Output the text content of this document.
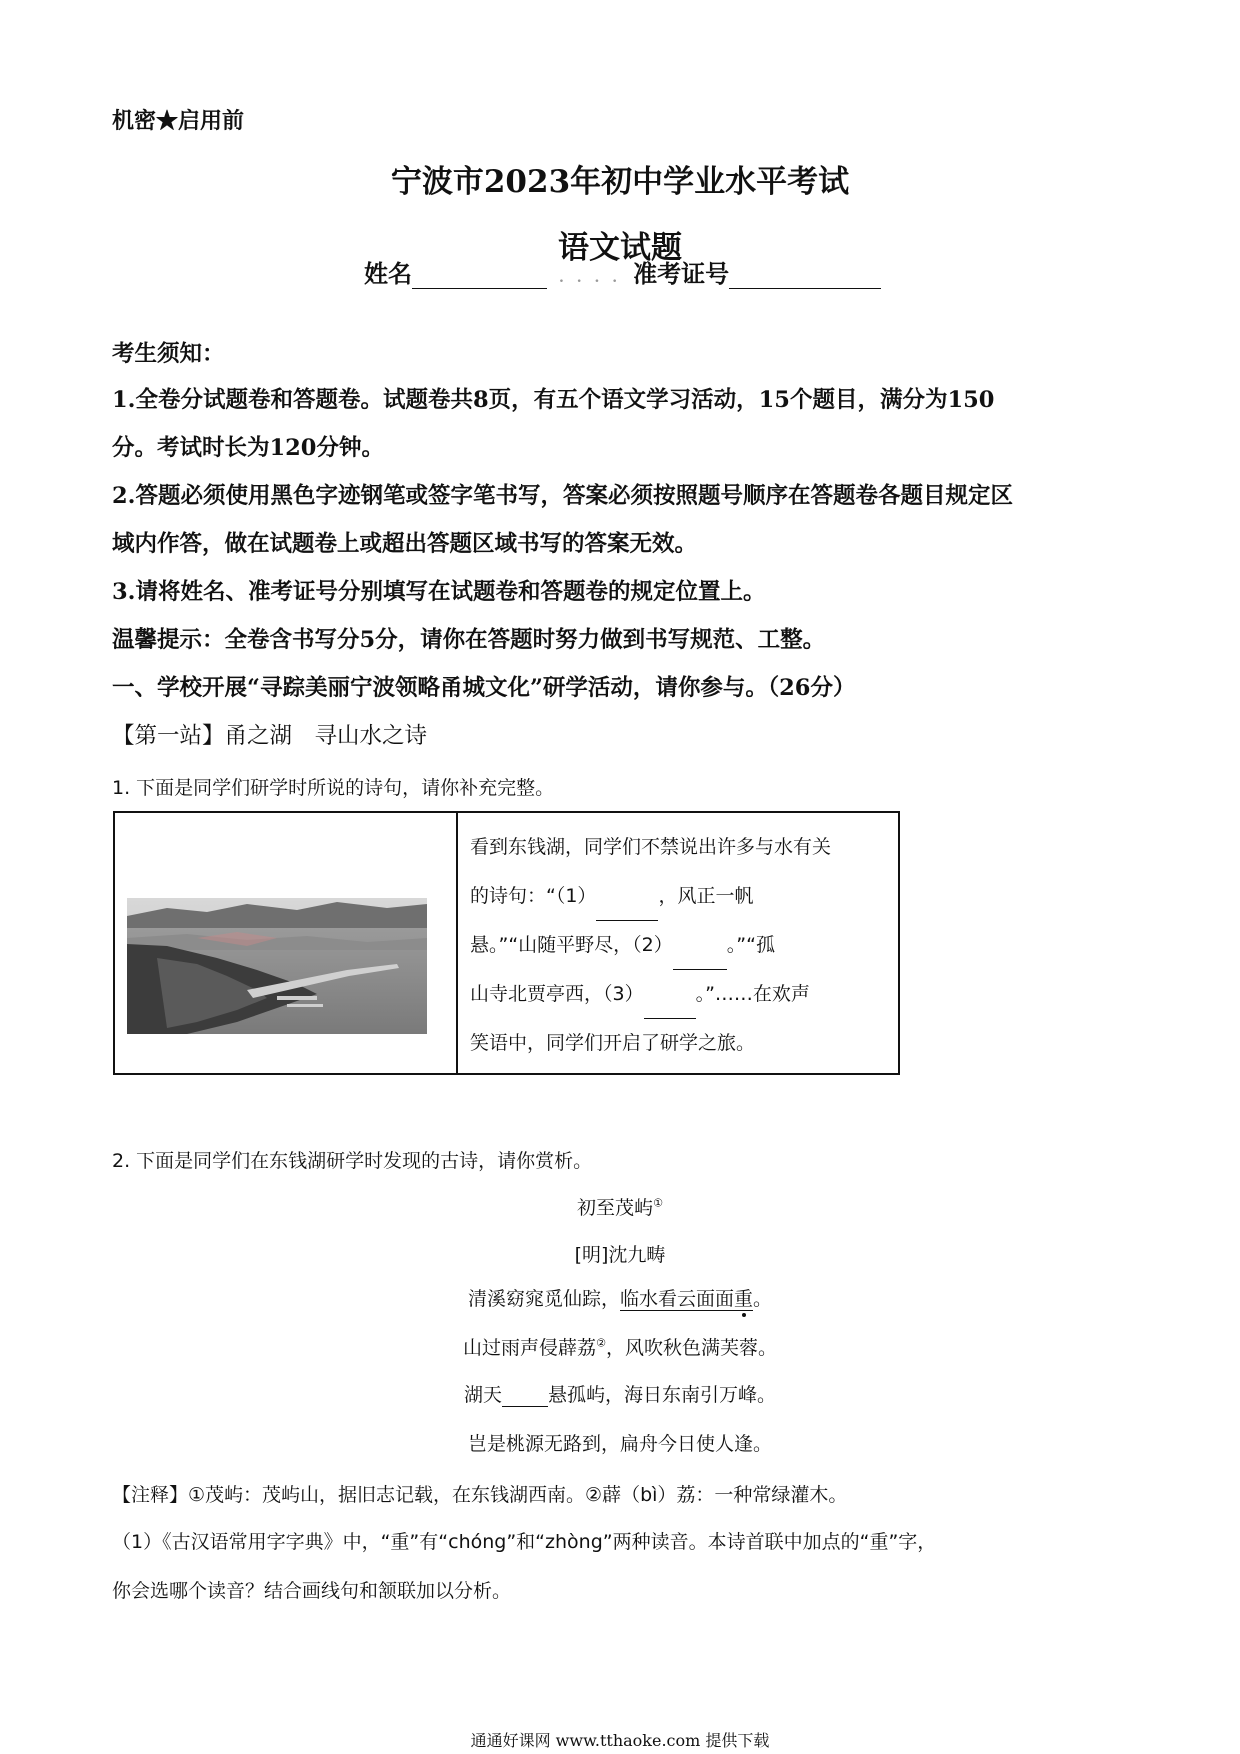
机密★启用前
宁波市2023年初中学业水平考试
语文试题
姓名	. . . . 准考证号
考生须知：
1.全卷分试题卷和答题卷。试题卷共8页，有五个语文学习活动，15个题目，满分为150
分。考试时长为120分钟。
2.答题必须使用黑色字迹钢笔或签字笔书写，答案必须按照题号顺序在答题卷各题目规定区
域内作答，做在试题卷上或超出答题区域书写的答案无效。
3.请将姓名、准考证号分别填写在试题卷和答题卷的规定位置上。
温馨提示：全卷含书写分5分，请你在答题时努力做到书写规范、工整。
一、学校开展“寻踪美丽宁波领略甬城文化”研学活动，请你参与。（26分）
【第一站】甬之湖　寻山水之诗
1. 下面是同学们研学时所说的诗句，请你补充完整。
看到东钱湖，同学们不禁说出许多与水有关
的诗句：“（1）	，风正一帆
悬。”“山随平野尽，（2）	。”“孤
山寺北贾亭西，（3）	。”……在欢声
笑语中，同学们开启了研学之旅。
2. 下面是同学们在东钱湖研学时发现的古诗，请你赏析。
初至茂屿①
[明]沈九畴
清溪窈窕觅仙踪，临水看云面面重。
山过雨声侵薜荔②，风吹秋色满芙蓉。
湖天 悬孤屿，海日东南引万峰。
岂是桃源无路到，扁舟今日使人逢。
【注释】①茂屿：茂屿山，据旧志记载，在东钱湖西南。②薜（bì）荔：一种常绿灌木。
（1）《古汉语常用字字典》中，“重”有“chóng”和“zhòng”两种读音。本诗首联中加点的“重”字，
你会选哪个读音？结合画线句和颔联加以分析。
通通好课网 www.tthaoke.com 提供下载
